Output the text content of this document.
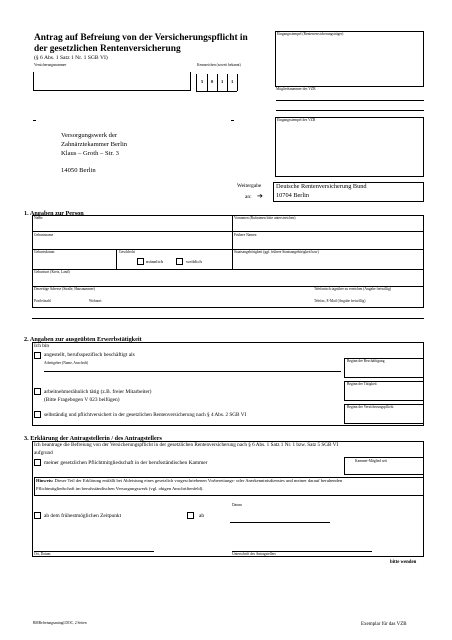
Antrag auf Befreiung von der Versicherungspflicht in
der gesetzlichen Rentenversicherung
(§ 6 Abs. 1 Satz 1 Nr. 1 SGB VI)
Eingangsstempel (Rentenversicherungsträger)
Versicherungsnummer	Kennzeichen (soweit bekannt)
5 0 1 1
Mitgliedsnummer des VZB
Eingangsstempel des VZB
Versorgungswerk der
Zahnärztekammer Berlin
Klaus – Groth – Str. 3
14050 Berlin
Weitergabe
an: ➔
Deutsche Rentenversicherung Bund
10704 Berlin
1. Angaben zur Person
Name	Vornamen (Rufnamen bitte unterstreichen)
Geburtsname	Frühere Namen
Geburtsdatum	Geschlecht
männlich	weiblich
Staatsangehörigkeit (ggf. frühere Staatsangehörigkeit bzw)
Geburtsort (Kreis, Land)
Derzeitige Adresse (Straße, Hausnummer)	Telefonisch tagsüber zu erreichen (Angabe freiwillig)
Postleitzahl	Wohnort	Telefax, E-Mail (Angabe freiwillig)
2. Angaben zur ausgeübten Erwerbstätigkeit
Ich bin
angestellt, berufsspezifisch beschäftigt als
Arbeitgeber (Name, Anschrift)	Beginn der Beschäftigung
Beginn der Tätigkeit
arbeitnehmerähnlich tätig (z.B. freier Mitarbeiter)
(Bitte Fragebogen V 023 beifügen)
Beginn der Versicherungspflicht
selbständig und pflichtversichert in der gesetzlichen Rentenversicherung nach § 4 Abs. 2 SGB VI
3. Erklärung der Antragstellerin / des Antragstellers
Ich beantrage die Befreiung von der Versicherungspflicht in der gesetzlichen Rentenversicherung nach § 6 Abs. 1 Satz 1 Nr. 1 bzw. Satz 5 SGB VI
aufgrund
meiner gesetzlichen Pflichtmitgliedschaft in der berufsständischen Kammer	Kammer-Mitglied seit
Hinweis: Dieser Teil der Erklärung entfällt bei Ableistung eines gesetzlich vorgeschriebenen Vorbereitungs- oder Anerkenntnisdienstes und meiner darauf beruhenden
Pflichtmitgliedschaft im berufsständischen Versorgungswerk (vgl. obigen Anschriftenfeld).
ab dem frühestmöglichen Zeitpunkt	ab
Datum
Ort, Datum	Unterschrift des Antragstellers
bitte wenden
BMBefreiungsantragI.DOC, 2 Seiten	Exemplar für das VZB
